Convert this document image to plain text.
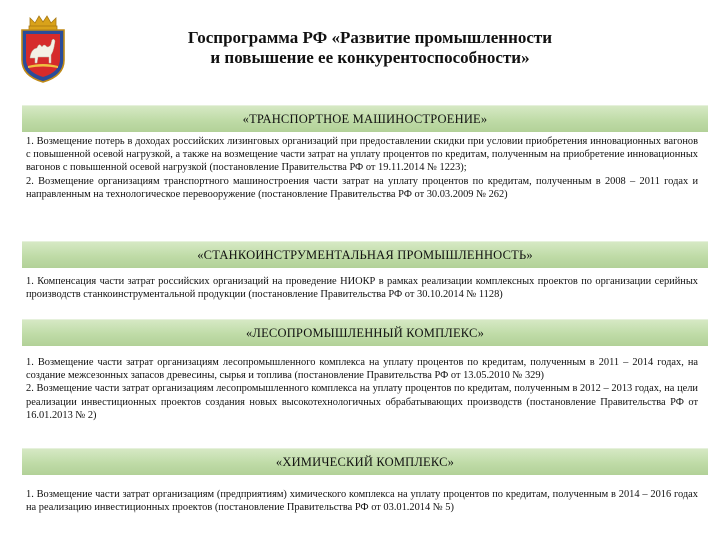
Госпрограмма РФ «Развитие промышленности
и повышение ее конкурентоспособности»
«ТРАНСПОРТНОЕ МАШИНОСТРОЕНИЕ»

1. Возмещение потерь в доходах российских лизинговых организаций при предоставлении скидки при условии приобретения инновационных вагонов с повышенной осевой нагрузкой, а также на возмещение части затрат на уплату процентов по кредитам, полученным на приобретение инновационных вагонов с повышенной осевой нагрузкой (постановление Правительства РФ от 19.11.2014 № 1223);

2. Возмещение организациям транспортного машиностроения части затрат на уплату процентов по кредитам, полученным в 2008 – 2011 годах и направленным на технологическое перевооружение (постановление Правительства РФ от 30.03.2009 № 262)

«СТАНКОИНСТРУМЕНТАЛЬНАЯ ПРОМЫШЛЕННОСТЬ»

1. Компенсация части затрат российских организаций на проведение НИОКР в рамках реализации комплексных проектов по организации серийных производств станкоинструментальной продукции (постановление Правительства РФ от 30.10.2014 № 1128)

«ЛЕСОПРОМЫШЛЕННЫЙ КОМПЛЕКС»

1. Возмещение части затрат организациям лесопромышленного комплекса на уплату процентов по кредитам, полученным в 2011 – 2014 годах, на создание межсезонных запасов древесины, сырья и топлива (постановление Правительства РФ от 13.05.2010 № 329)

2. Возмещение части затрат организациям лесопромышленного комплекса на уплату процентов по кредитам, полученным в 2012 – 2013 годах, на цели реализации инвестиционных проектов создания новых высокотехнологичных обрабатывающих производств (постановление Правительства РФ от 16.01.2013 № 2)

«ХИМИЧЕСКИЙ КОМПЛЕКС»

1. Возмещение части затрат организациям (предприятиям) химического комплекса на уплату процентов по кредитам, полученным в 2014 – 2016 годах на реализацию инвестиционных проектов (постановление Правительства РФ от 03.01.2014 № 5)
